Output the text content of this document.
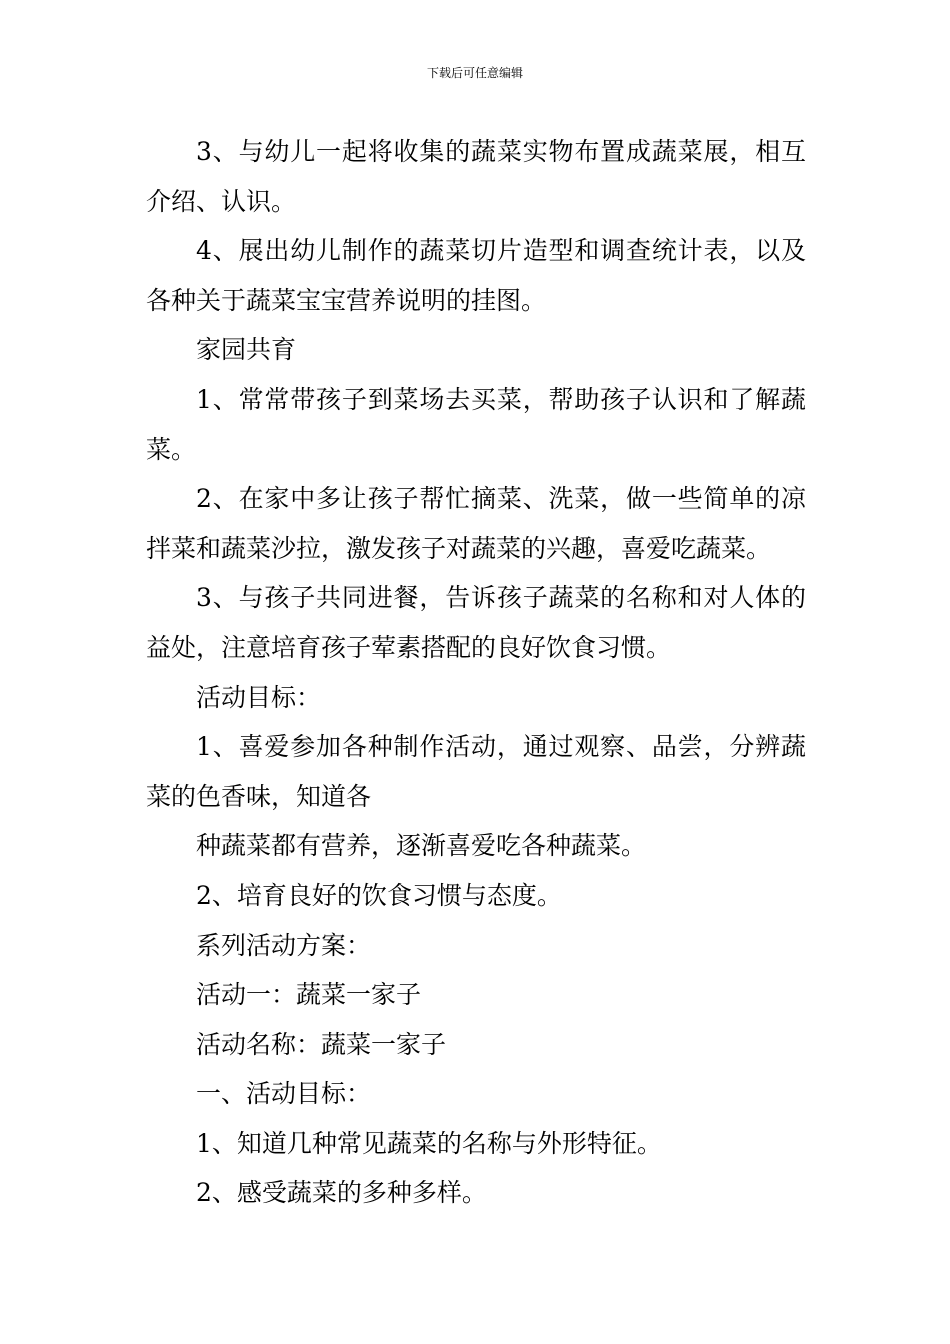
下载后可任意编辑

3、与幼儿一起将收集的蔬菜实物布置成蔬菜展，相互介绍、认识。

4、展出幼儿制作的蔬菜切片造型和调查统计表，以及各种关于蔬菜宝宝营养说明的挂图。

家园共育

1、常常带孩子到菜场去买菜，帮助孩子认识和了解蔬菜。

2、在家中多让孩子帮忙摘菜、洗菜，做一些简单的凉拌菜和蔬菜沙拉，激发孩子对蔬菜的兴趣，喜爱吃蔬菜。

3、与孩子共同进餐，告诉孩子蔬菜的名称和对人体的益处，注意培育孩子荤素搭配的良好饮食习惯。

活动目标：

1、喜爱参加各种制作活动，通过观察、品尝，分辨蔬菜的色香味，知道各

种蔬菜都有营养，逐渐喜爱吃各种蔬菜。

2、培育良好的饮食习惯与态度。

系列活动方案：

活动一：蔬菜一家子

活动名称：蔬菜一家子

一、活动目标：

1、知道几种常见蔬菜的名称与外形特征。

2、感受蔬菜的多种多样。
